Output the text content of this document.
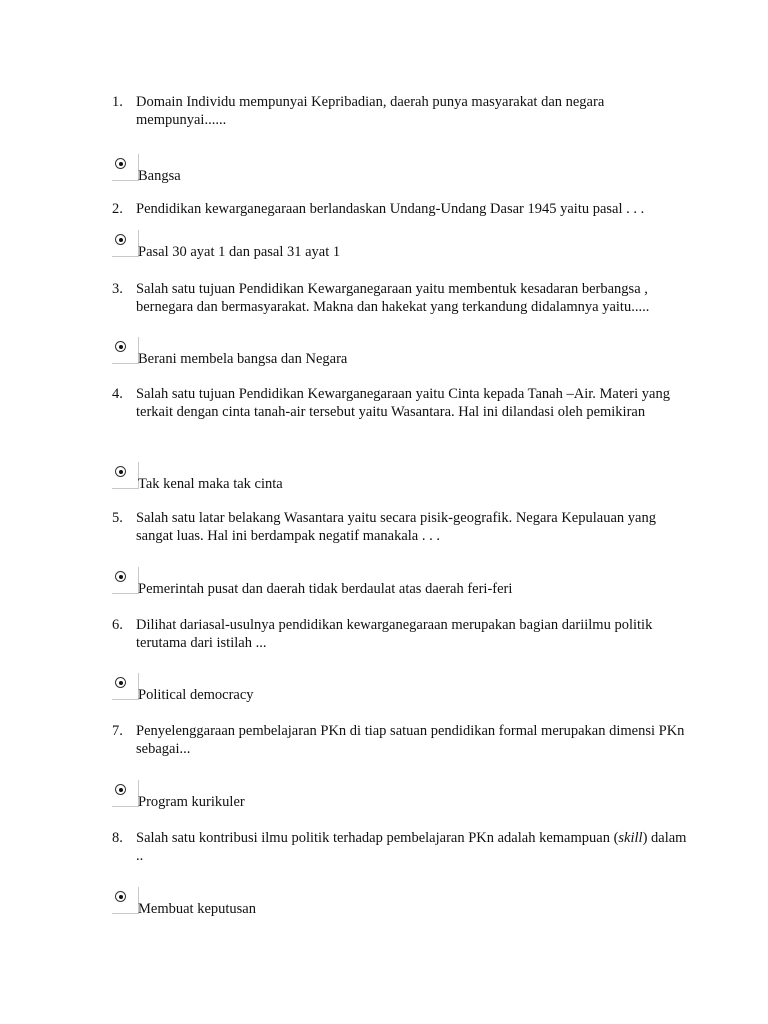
1. Domain Individu mempunyai Kepribadian, daerah punya masyarakat dan negara mempunyai......
Bangsa
2. Pendidikan kewarganegaraan berlandaskan Undang-Undang Dasar 1945 yaitu pasal . . .
Pasal 30 ayat 1 dan pasal 31 ayat 1
3. Salah satu tujuan Pendidikan Kewarganegaraan yaitu membentuk kesadaran berbangsa , bernegara dan bermasyarakat. Makna dan hakekat yang terkandung didalamnya yaitu.....
Berani membela bangsa dan Negara
4. Salah satu tujuan Pendidikan Kewarganegaraan yaitu Cinta kepada Tanah –Air. Materi yang terkait dengan cinta tanah-air tersebut yaitu Wasantara. Hal ini dilandasi oleh pemikiran
Tak kenal maka tak cinta
5. Salah satu latar belakang Wasantara yaitu secara pisik-geografik. Negara Kepulauan yang sangat luas. Hal ini berdampak negatif manakala . . .
Pemerintah pusat dan daerah tidak berdaulat atas daerah feri-feri
6. Dilihat dariasal-usulnya pendidikan kewarganegaraan merupakan bagian dariilmu politik terutama dari istilah ...
Political democracy
7. Penyelenggaraan pembelajaran PKn di tiap satuan pendidikan formal merupakan dimensi PKn sebagai...
Program kurikuler
8. Salah satu kontribusi ilmu politik terhadap pembelajaran PKn adalah kemampuan (skill) dalam ..
Membuat keputusan
